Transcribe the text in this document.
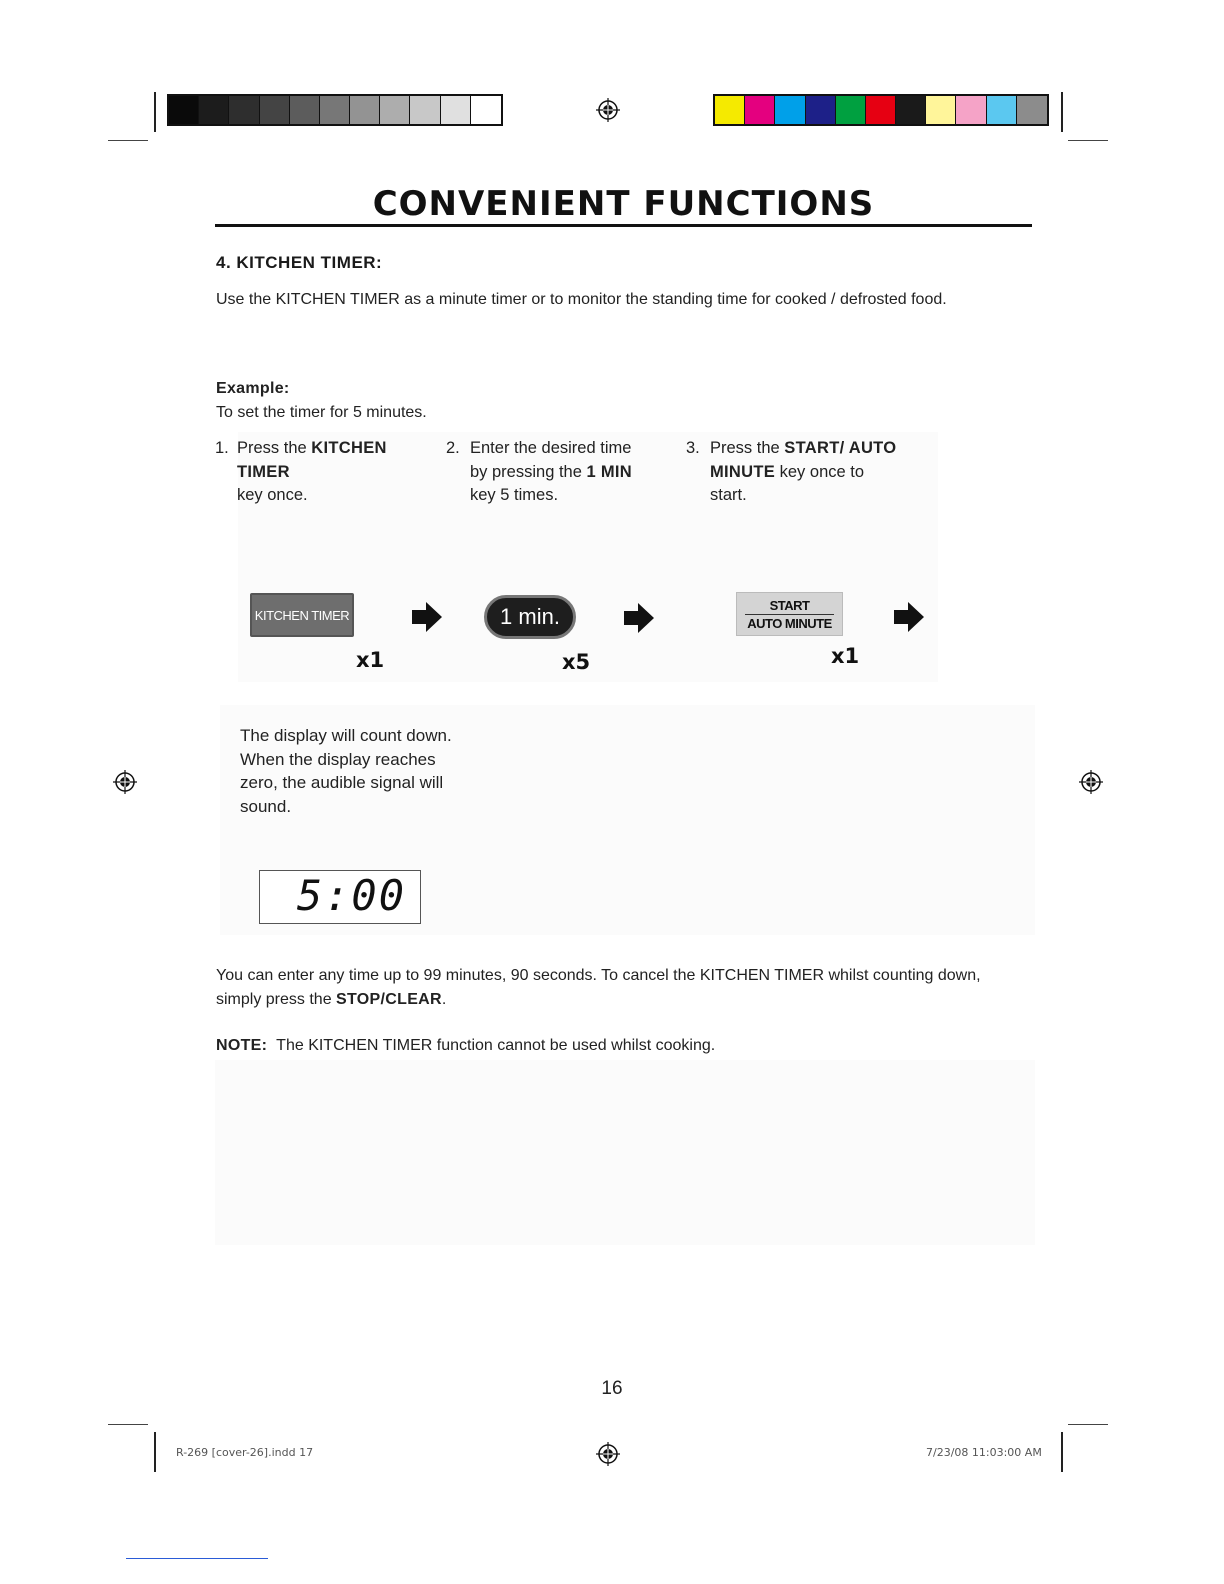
CONVENIENT FUNCTIONS
4. KITCHEN TIMER:
Use the KITCHEN TIMER as a minute timer or to monitor the standing time for cooked / defrosted food.
Example:
To set the timer for 5 minutes.
1. Press the KITCHEN TIMER
key once.
2. Enter the desired time by pressing the 1 MIN key 5 times.
3. Press the START/ AUTO MINUTE key once to start.
KITCHEN TIMER	1 min.	START
AUTO MINUTE
x1	x5	x1
The display will count down. When the display reaches zero, the audible signal will sound.
5:00
You can enter any time up to 99 minutes, 90 seconds. To cancel the KITCHEN TIMER whilst counting down, simply press the STOP/CLEAR.
NOTE: The KITCHEN TIMER function cannot be used whilst cooking.
16
R-269 [cover-26].indd 17	7/23/08 11:03:00 AM
